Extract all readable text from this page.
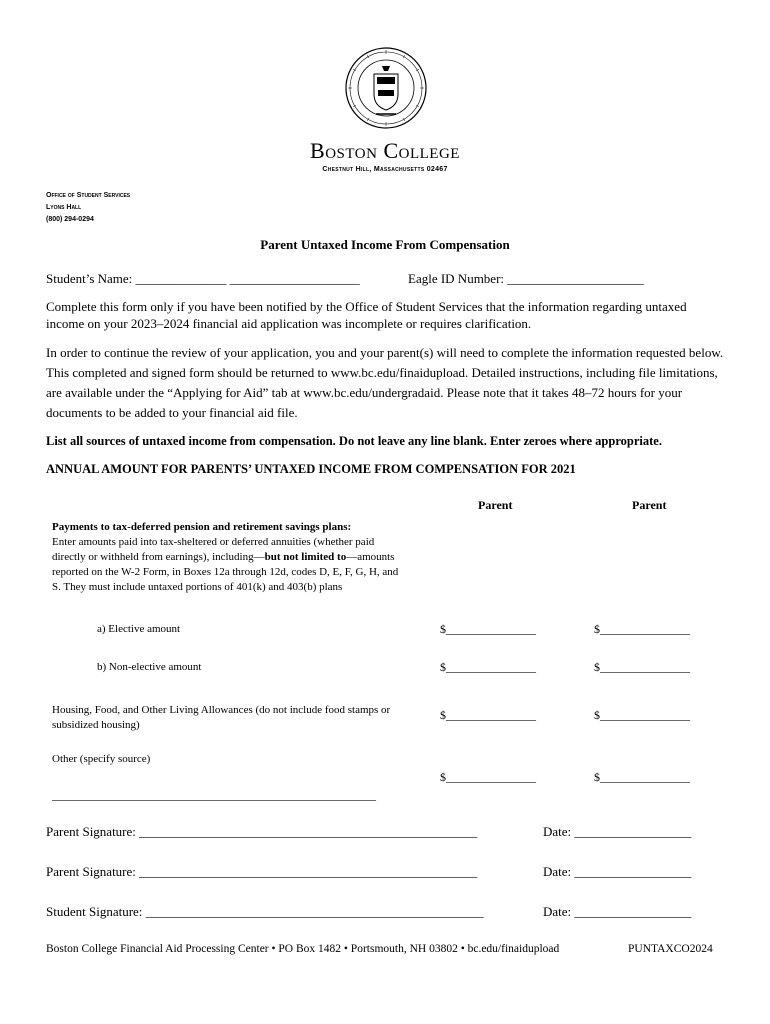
Boston College
Chestnut Hill, Massachusetts 02467
Office of Student Services
Lyons Hall
(800) 294-0294
Parent Untaxed Income From Compensation
Student’s Name: ______________ ____________________	Eagle ID Number: _____________________
Complete this form only if you have been notified by the Office of Student Services that the information regarding untaxed income on your 2023–2024 financial aid application was incomplete or requires clarification.
In order to continue the review of your application, you and your parent(s) will need to complete the information requested below. This completed and signed form should be returned to www.bc.edu/finaidupload. Detailed instructions, including file limitations, are available under the “Applying for Aid” tab at www.bc.edu/undergradaid. Please note that it takes 48–72 hours for your documents to be added to your financial aid file.
List all sources of untaxed income from compensation. Do not leave any line blank. Enter zeroes where appropriate.
ANNUAL AMOUNT FOR PARENTS’ UNTAXED INCOME FROM COMPENSATION FOR 2021
Parent	Parent
Payments to tax-deferred pension and retirement savings plans:
Enter amounts paid into tax-sheltered or deferred annuities (whether paid directly or withheld from earnings), including—but not limited to—amounts reported on the W-2 Form, in Boxes 12a through 12d, codes D, E, F, G, H, and S. They must include untaxed portions of 401(k) and 403(b) plans
a) Elective amount	$_______________	$_______________
b) Non-elective amount	$_______________	$_______________
Housing, Food, and Other Living Allowances (do not include food stamps or subsidized housing)
$_______________	$_______________
Other (specify source)
$_______________	$_______________
______________________________________________________
Parent Signature: ____________________________________________________	Date: __________________
Parent Signature: ____________________________________________________	Date: __________________
Student Signature: ____________________________________________________	Date: __________________
Boston College Financial Aid Processing Center • PO Box 1482 • Portsmouth, NH 03802 • bc.edu/finaidupload	PUNTAXCO2024
